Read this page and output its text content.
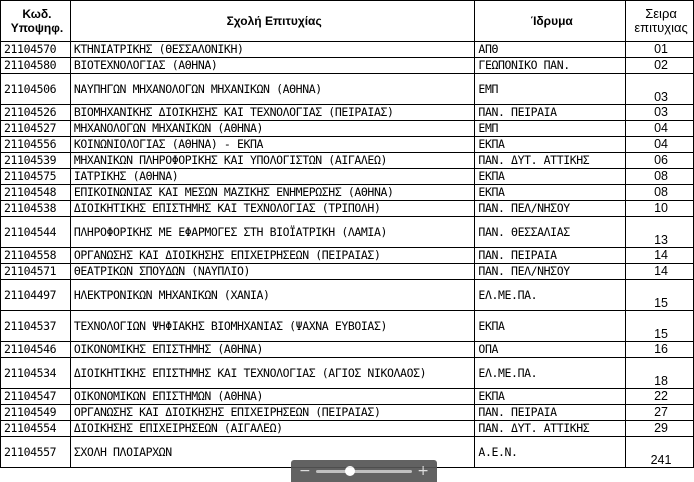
Κωδ. Υποψηφ.	Σχολή Επιτυχίας	Ίδρυμα	Σειρα επιτυχιας
21104570	ΚΤΗΝΙΑΤΡΙΚΗΣ (ΘΕΣΣΑΛΟΝΙΚΗ)	ΑΠΘ	01
21104580	ΒΙΟΤΕΧΝΟΛΟΓΙΑΣ (ΑΘΗΝΑ)	ΓΕΩΠΟΝΙΚΟ ΠΑΝ.	02
21104506	ΝΑΥΠΗΓΩΝ ΜΗΧΑΝΟΛΟΓΩΝ ΜΗΧΑΝΙΚΩΝ (ΑΘΗΝΑ)	ΕΜΠ	03
21104526	ΒΙΟΜΗΧΑΝΙΚΗΣ ΔΙΟΙΚΗΣΗΣ ΚΑΙ ΤΕΧΝΟΛΟΓΙΑΣ (ΠΕΙΡΑΙΑΣ)	ΠΑΝ. ΠΕΙΡΑΙΑ	03
21104527	ΜΗΧΑΝΟΛΟΓΩΝ ΜΗΧΑΝΙΚΩΝ (ΑΘΗΝΑ)	ΕΜΠ	04
21104556	ΚΟΙΝΩΝΙΟΛΟΓΙΑΣ (ΑΘΗΝΑ) - ΕΚΠΑ	ΕΚΠΑ	04
21104539	ΜΗΧΑΝΙΚΩΝ ΠΛΗΡΟΦΟΡΙΚΗΣ ΚΑΙ ΥΠΟΛΟΓΙΣΤΩΝ (ΑΙΓΑΛΕΩ)	ΠΑΝ. ΔΥΤ. ΑΤΤΙΚΗΣ	06
21104575	ΙΑΤΡΙΚΗΣ (ΑΘΗΝΑ)	ΕΚΠΑ	08
21104548	ΕΠΙΚΟΙΝΩΝΙΑΣ ΚΑΙ ΜΕΣΩΝ ΜΑΖΙΚΗΣ ΕΝΗΜΕΡΩΣΗΣ (ΑΘΗΝΑ)	ΕΚΠΑ	08
21104538	ΔΙΟΙΚΗΤΙΚΗΣ ΕΠΙΣΤΗΜΗΣ ΚΑΙ ΤΕΧΝΟΛΟΓΙΑΣ (ΤΡΙΠΟΛΗ)	ΠΑΝ. ΠΕΛ/ΝΗΣΟΥ	10
21104544	ΠΛΗΡΟΦΟΡΙΚΗΣ ΜΕ ΕΦΑΡΜΟΓΕΣ ΣΤΗ ΒΙΟΪΑΤΡΙΚΗ (ΛΑΜΙΑ)	ΠΑΝ. ΘΕΣΣΑΛΙΑΣ	13
21104558	ΟΡΓΑΝΩΣΗΣ ΚΑΙ ΔΙΟΙΚΗΣΗΣ ΕΠΙΧΕΙΡΗΣΕΩΝ (ΠΕΙΡΑΙΑΣ)	ΠΑΝ. ΠΕΙΡΑΙΑ	14
21104571	ΘΕΑΤΡΙΚΩΝ ΣΠΟΥΔΩΝ (ΝΑΥΠΛΙΟ)	ΠΑΝ. ΠΕΛ/ΝΗΣΟΥ	14
21104497	ΗΛΕΚΤΡΟΝΙΚΩΝ ΜΗΧΑΝΙΚΩΝ (ΧΑΝΙΑ)	ΕΛ.ΜΕ.ΠΑ.	15
21104537	ΤΕΧΝΟΛΟΓΙΩΝ ΨΗΦΙΑΚΗΣ ΒΙΟΜΗΧΑΝΙΑΣ (ΨΑΧΝΑ ΕΥΒΟΙΑΣ)	ΕΚΠΑ	15
21104546	ΟΙΚΟΝΟΜΙΚΗΣ ΕΠΙΣΤΗΜΗΣ (ΑΘΗΝΑ)	ΟΠΑ	16
21104534	ΔΙΟΙΚΗΤΙΚΗΣ ΕΠΙΣΤΗΜΗΣ ΚΑΙ ΤΕΧΝΟΛΟΓΙΑΣ (ΑΓΙΟΣ ΝΙΚΟΛΑΟΣ)	ΕΛ.ΜΕ.ΠΑ.	18
21104547	ΟΙΚΟΝΟΜΙΚΩΝ ΕΠΙΣΤΗΜΩΝ (ΑΘΗΝΑ)	ΕΚΠΑ	22
21104549	ΟΡΓΑΝΩΣΗΣ ΚΑΙ ΔΙΟΙΚΗΣΗΣ ΕΠΙΧΕΙΡΗΣΕΩΝ (ΠΕΙΡΑΙΑΣ)	ΠΑΝ. ΠΕΙΡΑΙΑ	27
21104554	ΔΙΟΙΚΗΣΗΣ ΕΠΙΧΕΙΡΗΣΕΩΝ (ΑΙΓΑΛΕΩ)	ΠΑΝ. ΔΥΤ. ΑΤΤΙΚΗΣ	29
21104557	ΣΧΟΛΗ ΠΛΟΙΑΡΧΩΝ	Α.Ε.Ν.	241
−	+
